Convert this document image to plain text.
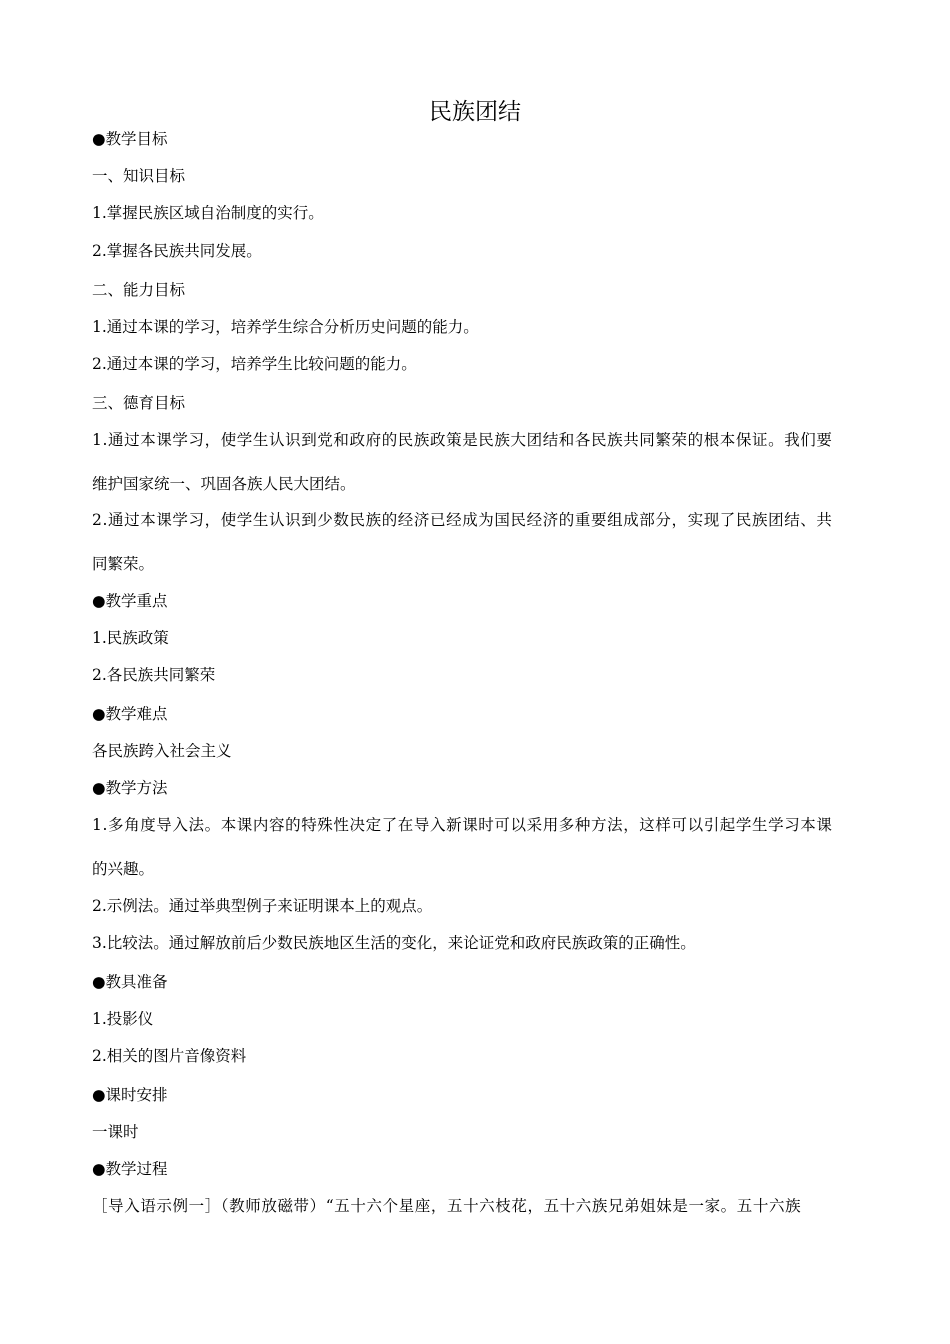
民族团结
●教学目标
一、知识目标
1.掌握民族区域自治制度的实行。
2.掌握各民族共同发展。
二、能力目标
1.通过本课的学习，培养学生综合分析历史问题的能力。
2.通过本课的学习，培养学生比较问题的能力。
三、德育目标
1.通过本课学习，使学生认识到党和政府的民族政策是民族大团结和各民族共同繁荣的根本保证。我们要
维护国家统一、巩固各族人民大团结。
2.通过本课学习，使学生认识到少数民族的经济已经成为国民经济的重要组成部分，实现了民族团结、共
同繁荣。
●教学重点
1.民族政策
2.各民族共同繁荣
●教学难点
各民族跨入社会主义
●教学方法
1.多角度导入法。本课内容的特殊性决定了在导入新课时可以采用多种方法，这样可以引起学生学习本课
的兴趣。
2.示例法。通过举典型例子来证明课本上的观点。
3.比较法。通过解放前后少数民族地区生活的变化，来论证党和政府民族政策的正确性。
●教具准备
1.投影仪
2.相关的图片音像资料
●课时安排
一课时
●教学过程
［导入语示例一］（教师放磁带）“五十六个星座，五十六枝花，五十六族兄弟姐妹是一家。五十六族
